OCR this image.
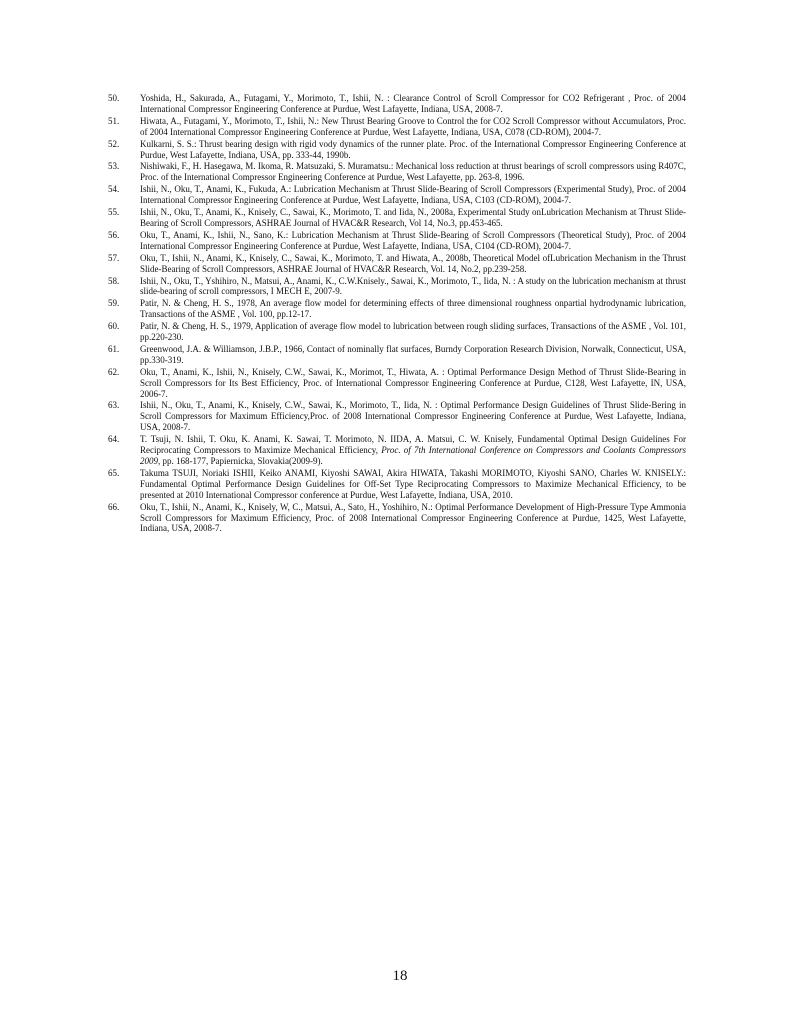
50. Yoshida, H., Sakurada, A., Futagami, Y., Morimoto, T., Ishii, N. : Clearance Control of Scroll Compressor for CO2 Refrigerant , Proc. of 2004 International Compressor Engineering Conference at Purdue, West Lafayette, Indiana, USA, 2008-7.
51. Hiwata, A., Futagami, Y., Morimoto, T., Ishii, N.: New Thrust Bearing Groove to Control the for CO2 Scroll Compressor without Accumulators, Proc. of 2004 International Compressor Engineering Conference at Purdue, West Lafayette, Indiana, USA, C078 (CD-ROM), 2004-7.
52. Kulkarni, S. S.: Thrust bearing design with rigid vody dynamics of the runner plate. Proc. of the International Compressor Engineering Conference at Purdue, West Lafayette, Indiana, USA, pp. 333-44, 1990b.
53. Nishiwaki, F., H. Hasegawa, M. Ikoma, R. Matsuzaki, S. Muramatsu.: Mechanical loss reduction at thrust bearings of scroll compressors using R407C, Proc. of the International Compressor Engineering Conference at Purdue, West Lafayette, pp. 263-8, 1996.
54. Ishii, N., Oku, T., Anami, K., Fukuda, A.: Lubrication Mechanism at Thrust Slide-Bearing of Scroll Compressors (Experimental Study), Proc. of 2004 International Compressor Engineering Conference at Purdue, West Lafayette, Indiana, USA, C103 (CD-ROM), 2004-7.
55. Ishii, N., Oku, T., Anami, K., Knisely, C., Sawai, K., Morimoto, T. and Iida, N., 2008a, Experimental Study onLubrication Mechanism at Thrust Slide-Bearing of Scroll Compressors, ASHRAE Journal of HVAC&R Research, Vol 14, No.3, pp.453-465.
56. Oku, T., Anami, K., Ishii, N., Sano, K.: Lubrication Mechanism at Thrust Slide-Bearing of Scroll Compressors (Theoretical Study), Proc. of 2004 International Compressor Engineering Conference at Purdue, West Lafayette, Indiana, USA, C104 (CD-ROM), 2004-7.
57. Oku, T., Ishii, N., Anami, K., Knisely, C., Sawai, K., Morimoto, T. and Hiwata, A., 2008b, Theoretical Model ofLubrication Mechanism in the Thrust Slide-Bearing of Scroll Compressors, ASHRAE Journal of HVAC&R Research, Vol. 14, No.2, pp.239-258.
58. Ishii, N., Oku, T., Yshihiro, N., Matsui, A., Anami, K., C.W.Knisely., Sawai, K., Morimoto, T., Iida, N. : A study on the lubrication mechanism at thrust slide-bearing of scroll compressors, I MECH E, 2007-9.
59. Patir, N. & Cheng, H. S., 1978, An average flow model for determining effects of three dimensional roughness onpartial hydrodynamic lubrication, Transactions of the ASME , Vol. 100, pp.12-17.
60. Patir, N. & Cheng, H. S., 1979, Application of average flow model to lubrication between rough sliding surfaces, Transactions of the ASME , Vol. 101, pp.220-230.
61. Greenwood, J.A. & Williamson, J.B.P., 1966, Contact of nominally flat surfaces, Burndy Corporation Research Division, Norwalk, Connecticut, USA, pp.330-319.
62. Oku, T., Anami, K., Ishii, N., Knisely, C.W., Sawai, K., Morimot, T., Hiwata, A. : Optimal Performance Design Method of Thrust Slide-Bearing in Scroll Compressors for Its Best Efficiency, Proc. of International Compressor Engineering Conference at Purdue, C128, West Lafayette, IN, USA, 2006-7.
63. Ishii, N., Oku, T., Anami, K., Knisely, C.W., Sawai, K., Morimoto, T., Iida, N. : Optimal Performance Design Guidelines of Thrust Slide-Bering in Scroll Compressors for Maximum Efficiency,Proc. of 2008 International Compressor Engineering Conference at Purdue, West Lafayette, Indiana, USA, 2008-7.
64. T. Tsuji, N. Ishii, T. Oku, K. Anami, K. Sawai, T. Morimoto, N. IIDA, A. Matsui, C. W. Knisely, Fundamental Optimal Design Guidelines For Reciprocating Compressors to Maximize Mechanical Efficiency, Proc. of 7th International Conference on Compressors and Coolants Compressors 2009, pp. 168-177, Papiernicka, Slovakia(2009-9).
65. Takuma TSUJI, Noriaki ISHII, Keiko ANAMI, Kiyoshi SAWAI, Akira HIWATA, Takashi MORIMOTO, Kiyoshi SANO, Charles W. KNISELY.: Fundamental Optimal Performance Design Guidelines for Off-Set Type Reciprocating Compressors to Maximize Mechanical Efficiency, to be presented at 2010 International Compressor conference at Purdue, West Lafayette, Indiana, USA, 2010.
66. Oku, T., Ishii, N., Anami, K., Knisely, W, C., Matsui, A., Sato, H., Yoshihiro, N.: Optimal Performance Development of High-Pressure Type Ammonia Scroll Compressors for Maximum Efficiency, Proc. of 2008 International Compressor Engineering Conference at Purdue, 1425, West Lafayette, Indiana, USA, 2008-7.
18
